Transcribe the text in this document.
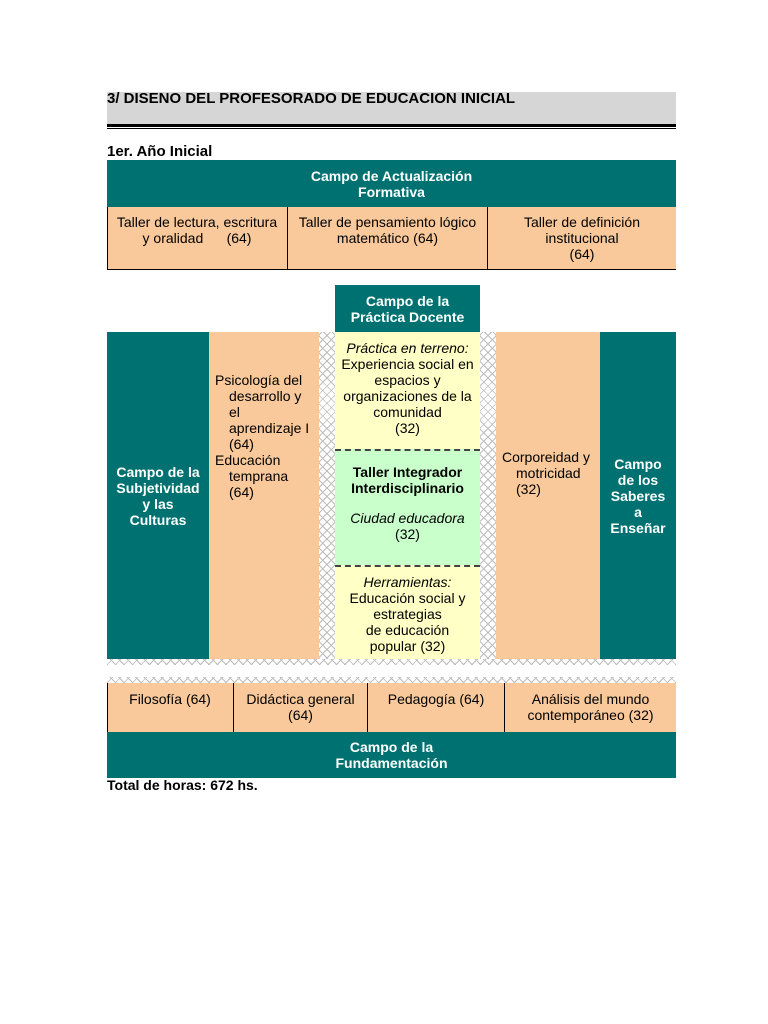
3/ DISENO DEL PROFESORADO DE EDUCACION INICIAL
1er. Año Inicial
Campo de Actualización
Formativa
Taller de lectura, escritura
y oralidad      (64)
Taller de pensamiento lógico
matemático (64)
Taller de definición
institucional
(64)
Campo de la
Práctica Docente
Campo de la
Subjetividad
y las
Culturas
Psicología del
desarrollo y
el
aprendizaje I
(64)
Educación
temprana
(64)
Práctica en terreno:
Experiencia social en
espacios y
organizaciones de la
comunidad
(32)
Taller Integrador
Interdisciplinario
Ciudad educadora
(32)
Herramientas:
Educación social y
estrategias
de educación
popular (32)
Corporeidad y
motricidad
(32)
Campo
de los
Saberes
a
Enseñar
Filosofía (64)	Didáctica general
(64)
Pedagogía (64)	Análisis del mundo
contemporáneo (32)
Campo de la
Fundamentación
Total de horas: 672 hs.
